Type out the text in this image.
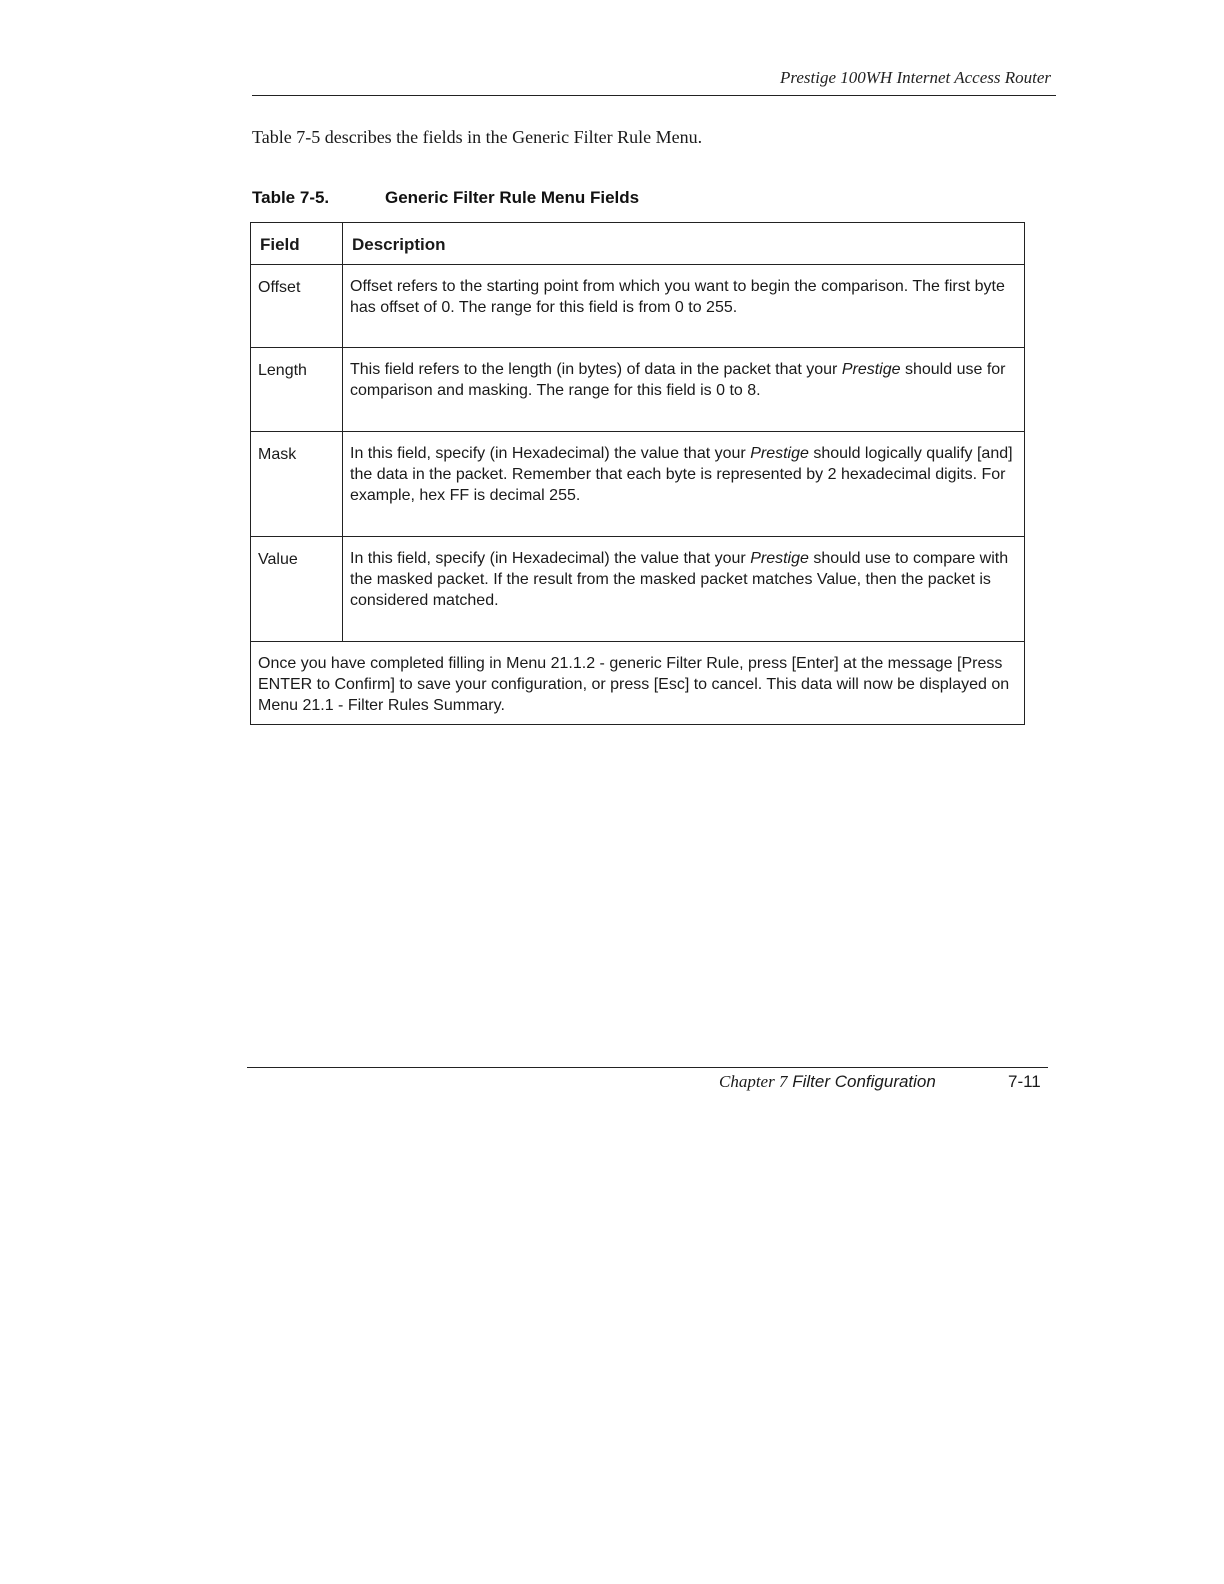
Prestige 100WH Internet Access Router
Table 7-5 describes the fields in the Generic Filter Rule Menu.
Table 7-5.	Generic Filter Rule Menu Fields
Field	Description
Offset	Offset refers to the starting point from which you want to begin the comparison. The first byte has offset of 0. The range for this field is from 0 to 255.
Length	This field refers to the length (in bytes) of data in the packet that your Prestige should use for comparison and masking. The range for this field is 0 to 8.
Mask	In this field, specify (in Hexadecimal) the value that your Prestige should logically qualify [and] the data in the packet. Remember that each byte is represented by 2 hexadecimal digits. For example, hex FF is decimal 255.
Value	In this field, specify (in Hexadecimal) the value that your Prestige should use to compare with the masked packet. If the result from the masked packet matches Value, then the packet is considered matched.
Once you have completed filling in Menu 21.1.2 - generic Filter Rule, press [Enter] at the message [Press ENTER to Confirm] to save your configuration, or press [Esc] to cancel. This data will now be displayed on Menu 21.1 - Filter Rules Summary.	
Chapter 7 Filter Configuration	7-11
